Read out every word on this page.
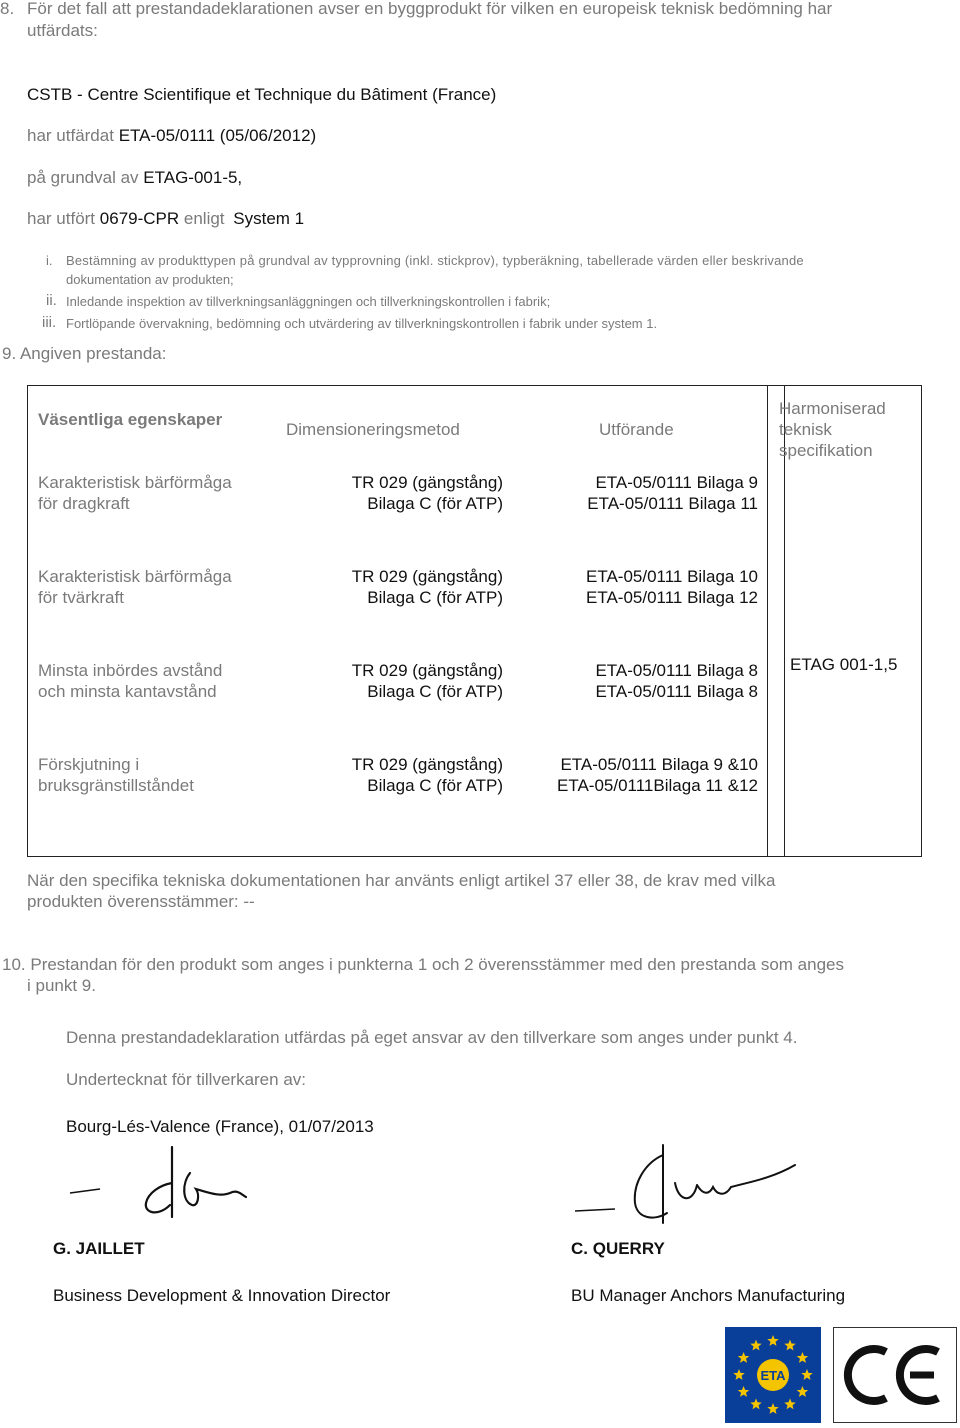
8. För det fall att prestandadeklarationen avser en byggprodukt för vilken en europeisk teknisk bedömning har
utfärdats:
CSTB - Centre Scientifique et Technique du Bâtiment (France)
har utfärdat ETA-05/0111 (05/06/2012)
på grundval av ETAG-001-5,
har utfört 0679-CPR enligt System 1
i. Bestämning av produkttypen på grundval av typprovning (inkl. stickprov), typberäkning, tabellerade värden eller beskrivande
dokumentation av produkten;
ii. Inledande inspektion av tillverkningsanläggningen och tillverkningskontrollen i fabrik;
iii. Fortlöpande övervakning, bedömning och utvärdering av tillverkningskontrollen i fabrik under system 1.
9. Angiven prestanda:
Väsentliga egenskaper
Dimensioneringsmetod	Utförande
Harmoniserad
teknisk
specifikation
Karakteristisk bärförmåga
för dragkraft
TR 029 (gängstång)
Bilaga C (för ATP)
ETA-05/0111 Bilaga 9
ETA-05/0111 Bilaga 11
Karakteristisk bärförmåga
för tvärkraft
TR 029 (gängstång)
Bilaga C (för ATP)
ETA-05/0111 Bilaga 10
ETA-05/0111 Bilaga 12
Minsta inbördes avstånd
och minsta kantavstånd
TR 029 (gängstång)
Bilaga C (för ATP)
ETA-05/0111 Bilaga 8
ETA-05/0111 Bilaga 8
ETAG 001-1,5
Förskjutning i
bruksgränstillståndet
TR 029 (gängstång)
Bilaga C (för ATP)
ETA-05/0111 Bilaga 9 &10
ETA-05/0111Bilaga 11 &12
När den specifika tekniska dokumentationen har använts enligt artikel 37 eller 38, de krav med vilka
produkten överensstämmer: --
10. Prestandan för den produkt som anges i punkterna 1 och 2 överensstämmer med den prestanda som anges
i punkt 9.
Denna prestandadeklaration utfärdas på eget ansvar av den tillverkare som anges under punkt 4.
Undertecknat för tillverkaren av:
Bourg-Lés-Valence (France), 01/07/2013
G. JAILLET
Business Development & Innovation Director
C. QUERRY
BU Manager Anchors Manufacturing
ETA
